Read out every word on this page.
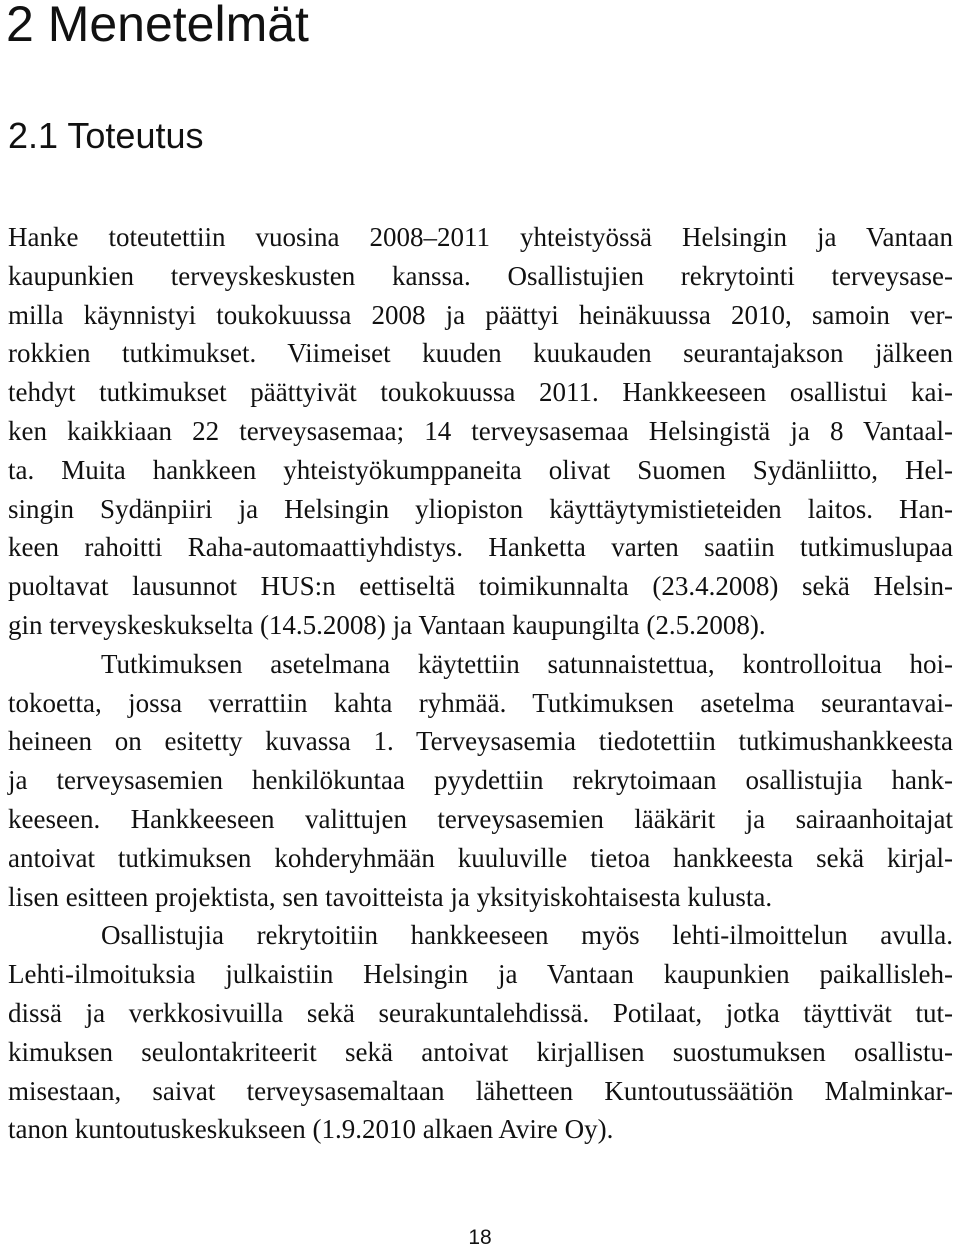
2 Menetelmät
2.1 Toteutus
Hanke toteutettiin vuosina 2008–2011 yhteistyössä Helsingin ja Vantaan
kaupunkien terveyskeskusten kanssa. Osallistujien rekrytointi terveysase-
milla käynnistyi toukokuussa 2008 ja päättyi heinäkuussa 2010, samoin ver-
rokkien tutkimukset. Viimeiset kuuden kuukauden seurantajakson jälkeen
tehdyt tutkimukset päättyivät toukokuussa 2011. Hankkeeseen osallistui kai-
ken kaikkiaan 22 terveysasemaa; 14 terveysasemaa Helsingistä ja 8 Vantaal-
ta. Muita hankkeen yhteistyökumppaneita olivat Suomen Sydänliitto, Hel-
singin Sydänpiiri ja Helsingin yliopiston käyttäytymistieteiden laitos. Han-
keen rahoitti Raha-automaattiyhdistys. Hanketta varten saatiin tutkimuslupaa
puoltavat lausunnot HUS:n eettiseltä toimikunnalta (23.4.2008) sekä Helsin-
gin terveyskeskukselta (14.5.2008) ja Vantaan kaupungilta (2.5.2008).
Tutkimuksen asetelmana käytettiin satunnaistettua, kontrolloitua hoi-
tokoetta, jossa verrattiin kahta ryhmää. Tutkimuksen asetelma seurantavai-
heineen on esitetty kuvassa 1. Terveysasemia tiedotettiin tutkimushankkeesta
ja terveysasemien henkilökuntaa pyydettiin rekrytoimaan osallistujia hank-
keeseen. Hankkeeseen valittujen terveysasemien lääkärit ja sairaanhoitajat
antoivat tutkimuksen kohderyhmään kuuluville tietoa hankkeesta sekä kirjal-
lisen esitteen projektista, sen tavoitteista ja yksityiskohtaisesta kulusta.
Osallistujia rekrytoitiin hankkeeseen myös lehti-ilmoittelun avulla.
Lehti-ilmoituksia julkaistiin Helsingin ja Vantaan kaupunkien paikallisleh-
dissä ja verkkosivuilla sekä seurakuntalehdissä. Potilaat, jotka täyttivät tut-
kimuksen seulontakriteerit sekä antoivat kirjallisen suostumuksen osallistu-
misestaan, saivat terveysasemaltaan lähetteen Kuntoutussäätiön Malminkar-
tanon kuntoutuskeskukseen (1.9.2010 alkaen Avire Oy).
18
